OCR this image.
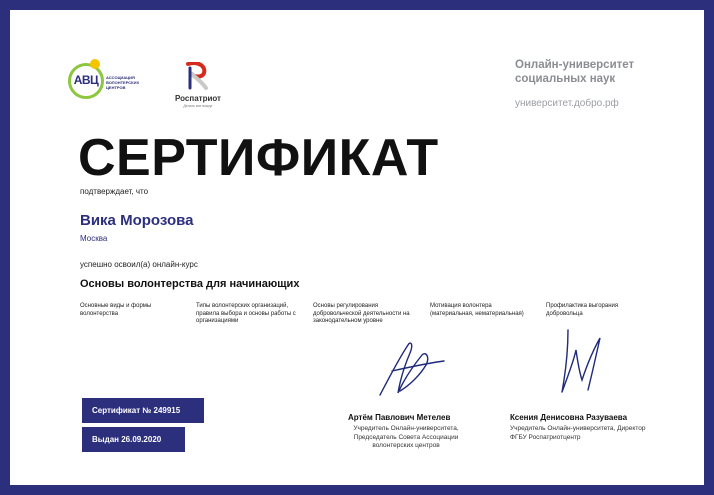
АВЦ	АССОЦИАЦИЯ ВОЛОНТЕРСКИХ ЦЕНТРОВ
Роспатриот
Делать все вокруг
Онлайн-университет социальных наук
университет.добро.рф
СЕРТИФИКАТ
подтверждает, что
Вика Морозова
Москва
успешно освоил(а) онлайн-курс
Основы волонтерства для начинающих
Основные виды и формы волонтерства
Типы волонтерских организаций, правила выбора и основы работы с организациями
Основы регулирования добровольческой деятельности на законодательном уровне
Мотивация волонтера (материальная, нематериальная)
Профилактика выгорания добровольца
Сертификат № 249915
Выдан 26.09.2020
Артём Павлович Метелев
Учредитель Онлайн-университета, Председатель Совета Ассоциации волонтерских центров
Ксения Денисовна Разуваева
Учредитель Онлайн-университета, Директор ФГБУ Роспатриотцентр
